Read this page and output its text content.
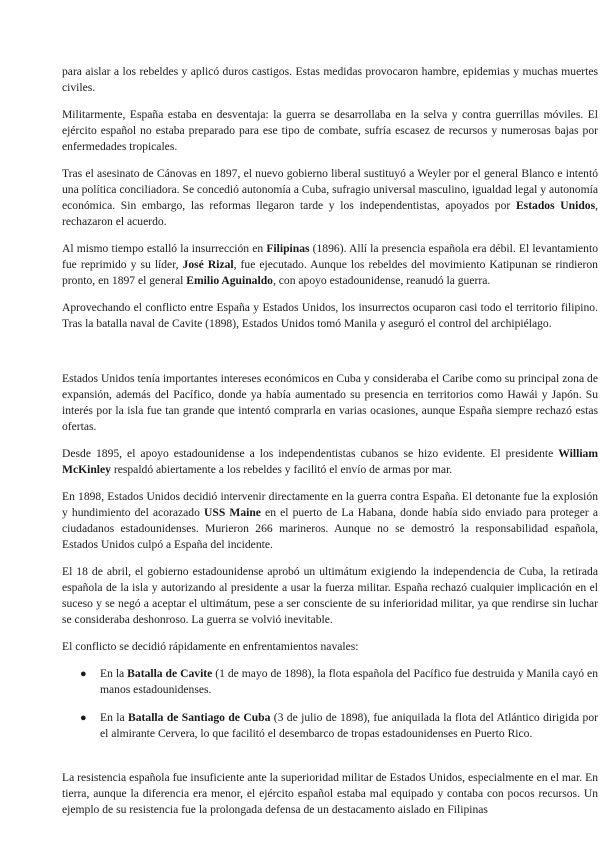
para aislar a los rebeldes y aplicó duros castigos. Estas medidas provocaron hambre, epidemias y muchas muertes civiles.

Militarmente, España estaba en desventaja: la guerra se desarrollaba en la selva y contra guerrillas móviles. El ejército español no estaba preparado para ese tipo de combate, sufría escasez de recursos y numerosas bajas por enfermedades tropicales.

Tras el asesinato de Cánovas en 1897, el nuevo gobierno liberal sustituyó a Weyler por el general Blanco e intentó una política conciliadora. Se concedió autonomía a Cuba, sufragio universal masculino, igualdad legal y autonomía económica. Sin embargo, las reformas llegaron tarde y los independentistas, apoyados por Estados Unidos, rechazaron el acuerdo.

Al mismo tiempo estalló la insurrección en Filipinas (1896). Allí la presencia española era débil. El levantamiento fue reprimido y su líder, José Rizal, fue ejecutado. Aunque los rebeldes del movimiento Katipunan se rindieron pronto, en 1897 el general Emilio Aguinaldo, con apoyo estadounidense, reanudó la guerra.

Aprovechando el conflicto entre España y Estados Unidos, los insurrectos ocuparon casi todo el territorio filipino. Tras la batalla naval de Cavite (1898), Estados Unidos tomó Manila y aseguró el control del archipiélago.

Estados Unidos tenía importantes intereses económicos en Cuba y consideraba el Caribe como su principal zona de expansión, además del Pacífico, donde ya había aumentado su presencia en territorios como Hawái y Japón. Su interés por la isla fue tan grande que intentó comprarla en varias ocasiones, aunque España siempre rechazó estas ofertas.

Desde 1895, el apoyo estadounidense a los independentistas cubanos se hizo evidente. El presidente William McKinley respaldó abiertamente a los rebeldes y facilitó el envío de armas por mar.

En 1898, Estados Unidos decidió intervenir directamente en la guerra contra España. El detonante fue la explosión y hundimiento del acorazado USS Maine en el puerto de La Habana, donde había sido enviado para proteger a ciudadanos estadounidenses. Murieron 266 marineros. Aunque no se demostró la responsabilidad española, Estados Unidos culpó a España del incidente.

El 18 de abril, el gobierno estadounidense aprobó un ultimátum exigiendo la independencia de Cuba, la retirada española de la isla y autorizando al presidente a usar la fuerza militar. España rechazó cualquier implicación en el suceso y se negó a aceptar el ultimátum, pese a ser consciente de su inferioridad militar, ya que rendirse sin luchar se consideraba deshonroso. La guerra se volvió inevitable.

El conflicto se decidió rápidamente en enfrentamientos navales:

● En la Batalla de Cavite (1 de mayo de 1898), la flota española del Pacífico fue destruida y Manila cayó en manos estadounidenses.
● En la Batalla de Santiago de Cuba (3 de julio de 1898), fue aniquilada la flota del Atlántico dirigida por el almirante Cervera, lo que facilitó el desembarco de tropas estadounidenses en Puerto Rico.

La resistencia española fue insuficiente ante la superioridad militar de Estados Unidos, especialmente en el mar. En tierra, aunque la diferencia era menor, el ejército español estaba mal equipado y contaba con pocos recursos. Un ejemplo de su resistencia fue la prolongada defensa de un destacamento aislado en Filipinas
